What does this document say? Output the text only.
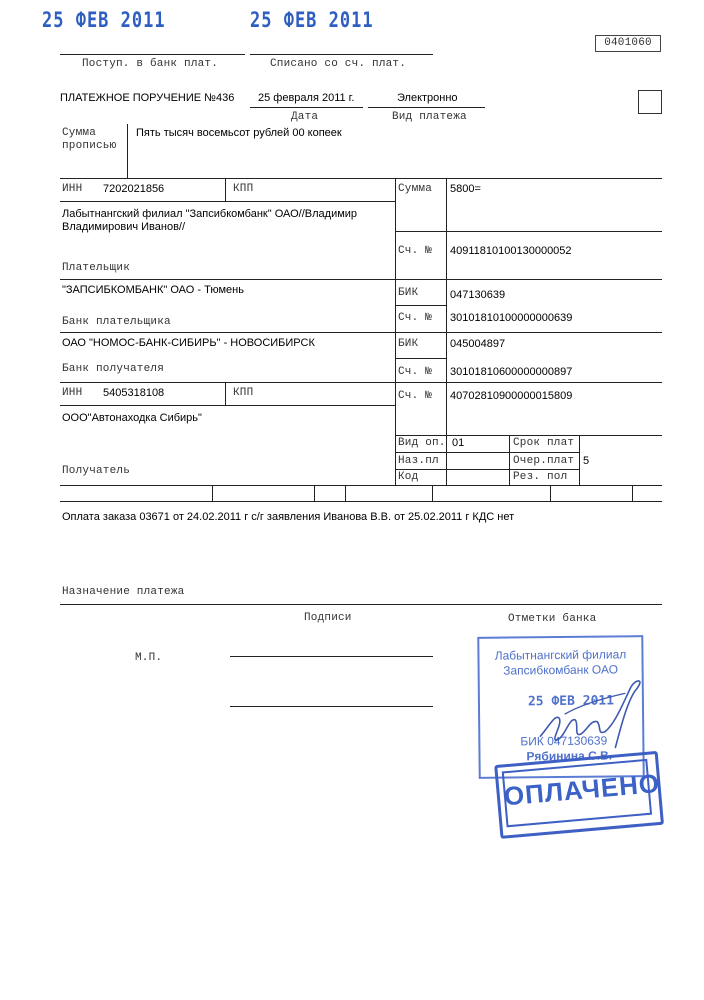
25 ФЕВ 2011	25 ФЕВ 2011
0401060
Поступ. в банк плат.	Списано со сч. плат.
ПЛАТЕЖНОЕ ПОРУЧЕНИЕ №436 25 февраля 2011 г.
Дата
Электронно
Вид платежа
Сумма
прописью
Пять тысяч восемьсот рублей 00 копеек
ИНН 7202021856	КПП	Сумма 5800=
Лабытнангский филиал "Запсибкомбанк" ОАО//Владимир
Владимирович Иванов//
Сч. № 40911810100130000052
Плательщик
"ЗАПСИБКОМБАНК" ОАО - Тюмень	БИК	047130639
Сч. № 30101810100000000639
Банк плательщика
ОАО "НОМОС-БАНК-СИБИРЬ" - НОВОСИБИРСК	БИК	045004897
Сч. № 30101810600000000897
Банк получателя
ИНН 5405318108	КПП	Сч. № 40702810900000015809
ООО"Автонаходка Сибирь"
Вид оп. 01	Срок плат
Наз.пл	Очер.плат 5
Код	Рез. пол
Получатель
Оплата заказа 03671 от 24.02.2011 г с/г заявления Иванова В.В. от 25.02.2011 г КДС нет
Назначение платежа
Подписи	Отметки банка
М.П.	Лабытнангский филиал
Запсибкомбанк ОАО
25 ФЕВ 2011
БИК 047130639
Рябинина С.В.
ОПЛАЧЕНО
